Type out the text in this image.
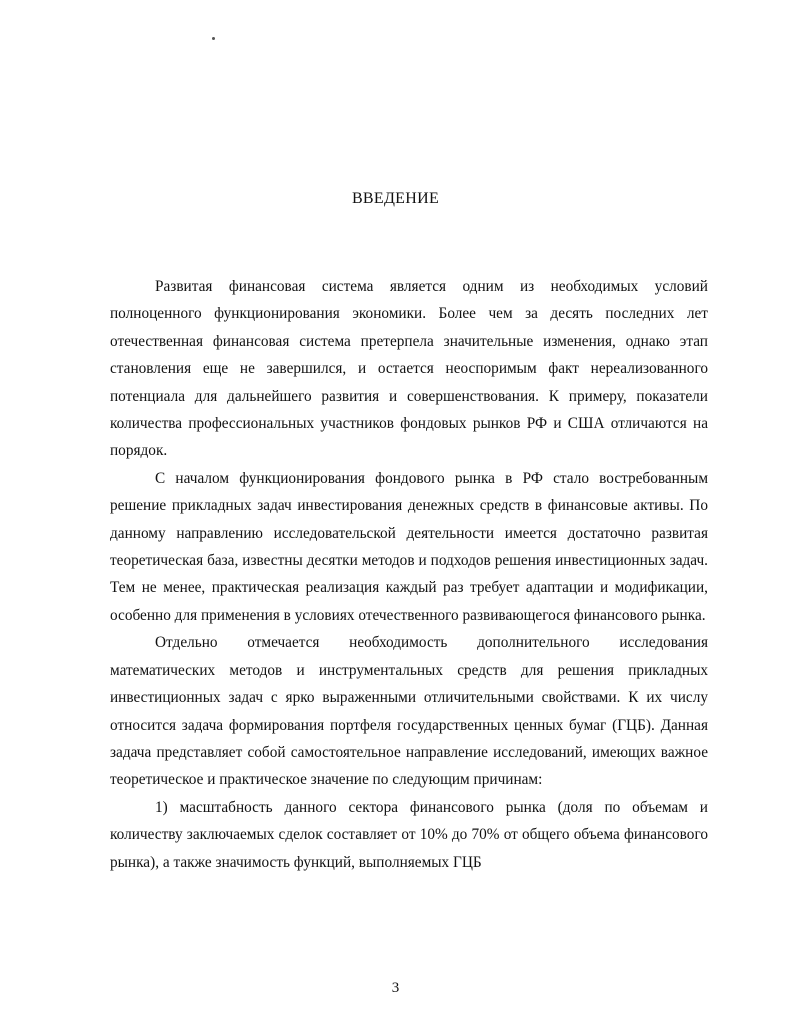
ВВЕДЕНИЕ

Развитая финансовая система является одним из необходимых условий полноценного функционирования экономики. Более чем за десять последних лет отечественная финансовая система претерпела значительные изменения, однако этап становления еще не завершился, и остается неоспоримым факт нереализованного потенциала для дальнейшего развития и совершенствования. К примеру, показатели количества профессиональных участников фондовых рынков РФ и США отличаются на порядок.

С началом функционирования фондового рынка в РФ стало востребованным решение прикладных задач инвестирования денежных средств в финансовые активы. По данному направлению исследовательской деятельности имеется достаточно развитая теоретическая база, известны десятки методов и подходов решения инвестиционных задач. Тем не менее, практическая реализация каждый раз требует адаптации и модификации, особенно для применения в условиях отечественного развивающегося финансового рынка.

Отдельно отмечается необходимость дополнительного исследования математических методов и инструментальных средств для решения прикладных инвестиционных задач с ярко выраженными отличительными свойствами. К их числу относится задача формирования портфеля государственных ценных бумаг (ГЦБ). Данная задача представляет собой самостоятельное направление исследований, имеющих важное теоретическое и практическое значение по следующим причинам:

1) масштабность данного сектора финансового рынка (доля по объемам и количеству заключаемых сделок составляет от 10% до 70% от общего объема финансового рынка), а также значимость функций, выполняемых ГЦБ

3
